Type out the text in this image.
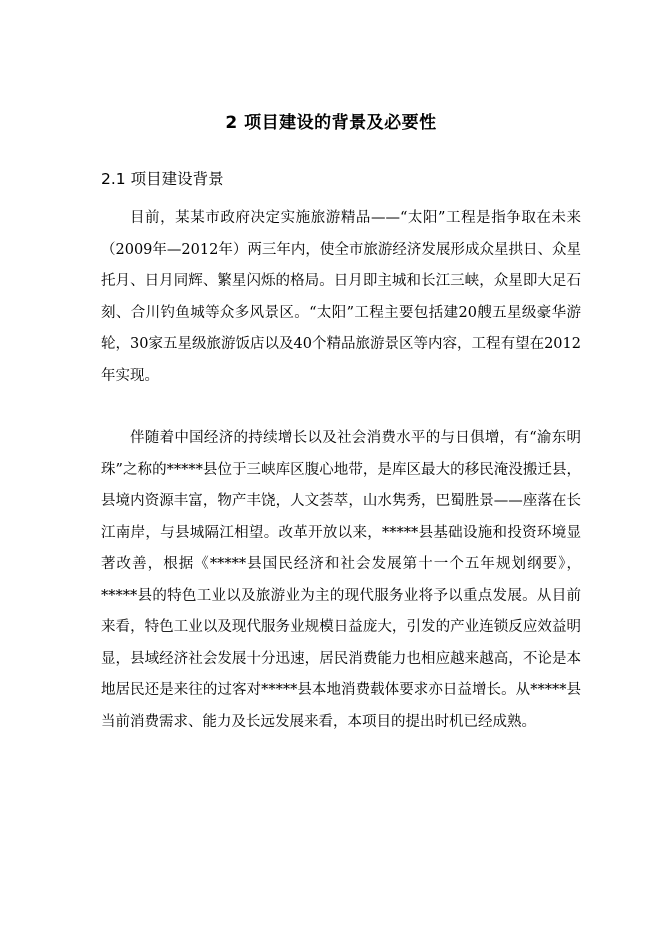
2 项目建设的背景及必要性
2.1 项目建设背景

目前，某某市政府决定实施旅游精品——“太阳”工程是指争取在未来（2009年—2012年）两三年内，使全市旅游经济发展形成众星拱日、众星托月、日月同辉、繁星闪烁的格局。日月即主城和长江三峡，众星即大足石刻、合川钓鱼城等众多风景区。“太阳”工程主要包括建20艘五星级豪华游轮，30家五星级旅游饭店以及40个精品旅游景区等内容，工程有望在2012年实现。

伴随着中国经济的持续增长以及社会消费水平的与日俱增，有“渝东明珠”之称的*****县位于三峡库区腹心地带，是库区最大的移民淹没搬迁县，县境内资源丰富，物产丰饶，人文荟萃，山水隽秀，巴蜀胜景——座落在长江南岸，与县城隔江相望。改革开放以来，*****县基础设施和投资环境显著改善，根据《*****县国民经济和社会发展第十一个五年规划纲要》，*****县的特色工业以及旅游业为主的现代服务业将予以重点发展。从目前来看，特色工业以及现代服务业规模日益庞大，引发的产业连锁反应效益明显，县域经济社会发展十分迅速，居民消费能力也相应越来越高，不论是本地居民还是来往的过客对*****县本地消费载体要求亦日益增长。从*****县当前消费需求、能力及长远发展来看，本项目的提出时机已经成熟。
